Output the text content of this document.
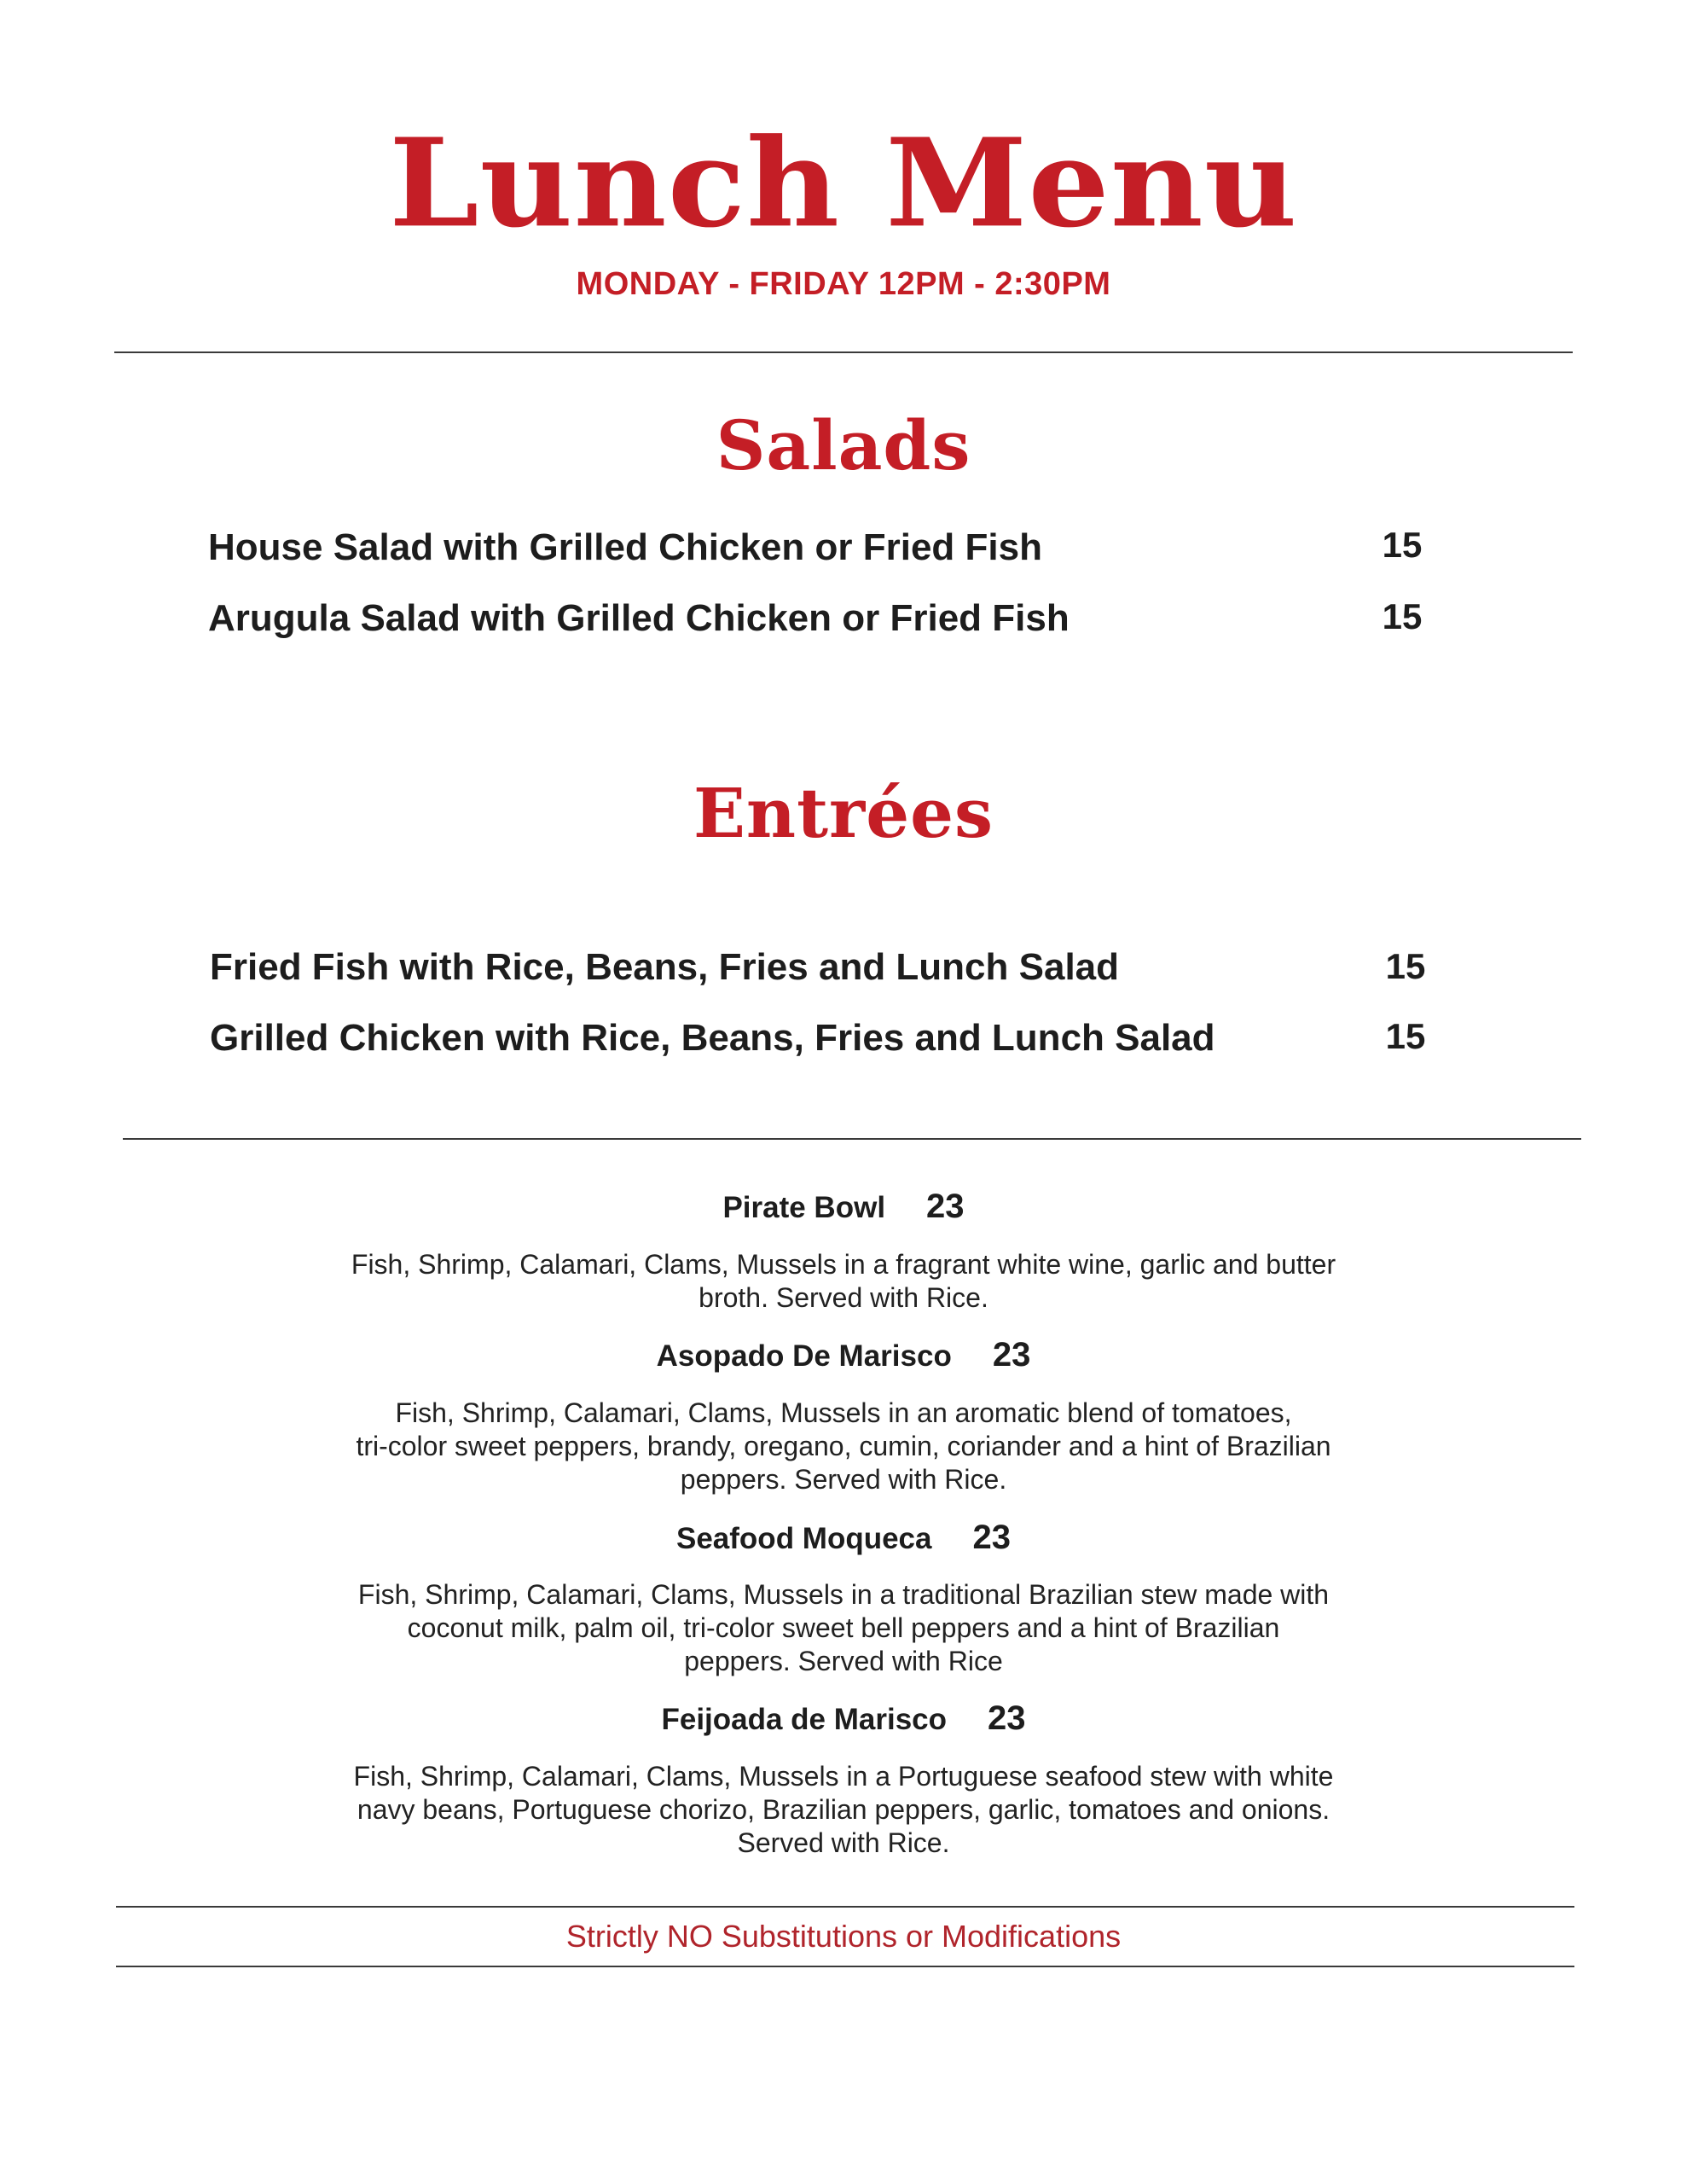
Lunch Menu
MONDAY - FRIDAY 12PM - 2:30PM
Salads
House Salad with Grilled Chicken or Fried Fish	15
Arugula Salad with Grilled Chicken or Fried Fish	15
Entrées
Fried Fish with Rice, Beans, Fries and Lunch Salad	15
Grilled Chicken with Rice, Beans, Fries and Lunch Salad	15
Pirate Bowl 23
Fish, Shrimp, Calamari, Clams, Mussels in a fragrant white wine, garlic and butter
broth. Served with Rice.
Asopado De Marisco 23
Fish, Shrimp, Calamari, Clams, Mussels in an aromatic blend of tomatoes,
tri-color sweet peppers, brandy, oregano, cumin, coriander and a hint of Brazilian
peppers. Served with Rice.
Seafood Moqueca 23
Fish, Shrimp, Calamari, Clams, Mussels in a traditional Brazilian stew made with
coconut milk, palm oil, tri-color sweet bell peppers and a hint of Brazilian
peppers. Served with Rice
Feijoada de Marisco 23
Fish, Shrimp, Calamari, Clams, Mussels in a Portuguese seafood stew with white
navy beans, Portuguese chorizo, Brazilian peppers, garlic, tomatoes and onions.
Served with Rice.
Strictly NO Substitutions or Modifications
